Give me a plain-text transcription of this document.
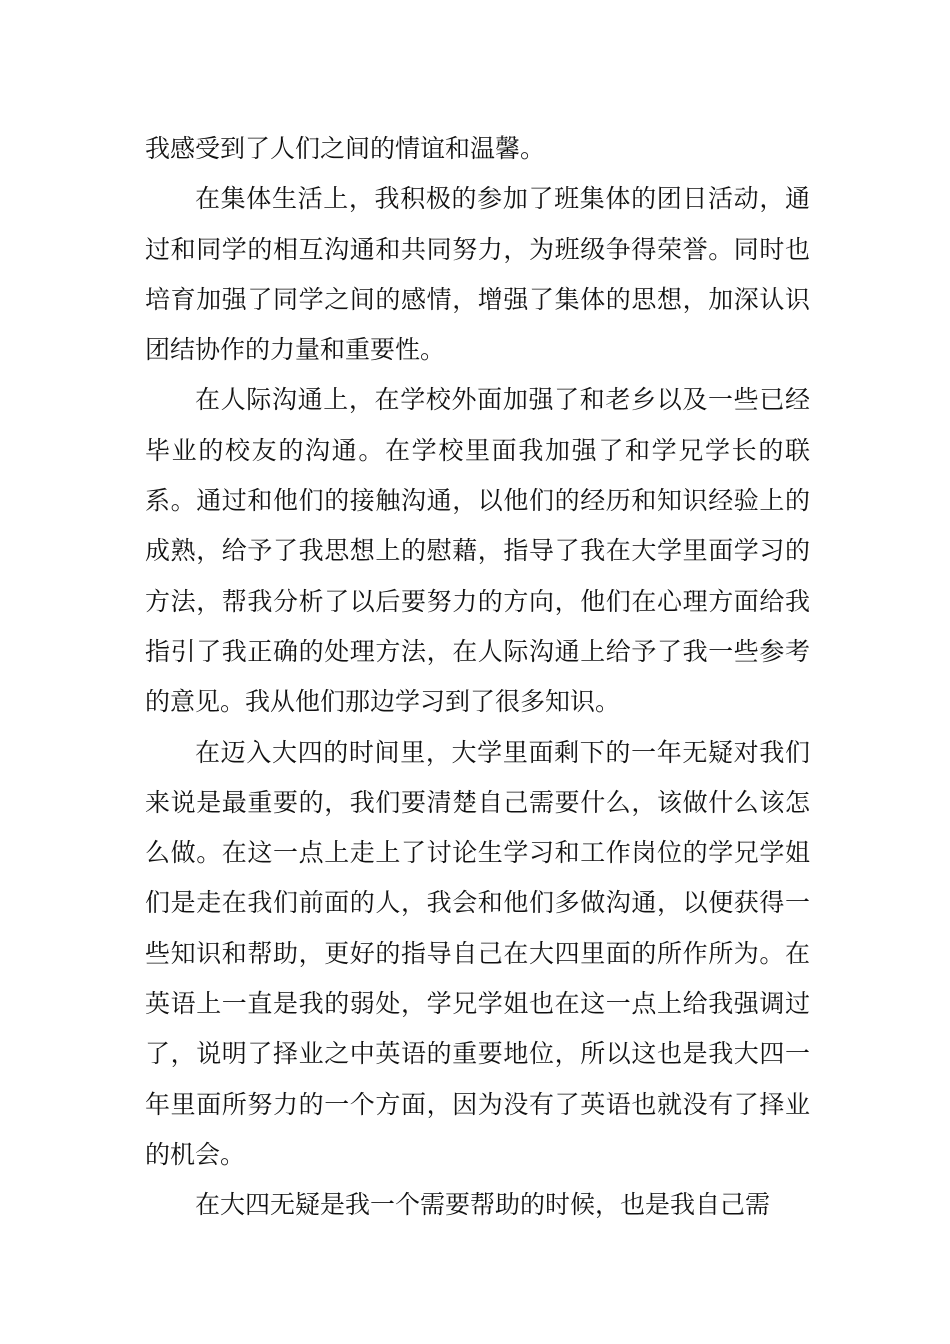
我感受到了人们之间的情谊和温馨。

在集体生活上，我积极的参加了班集体的团日活动，通过和同学的相互沟通和共同努力，为班级争得荣誉。同时也培育加强了同学之间的感情，增强了集体的思想，加深认识团结协作的力量和重要性。

在人际沟通上，在学校外面加强了和老乡以及一些已经毕业的校友的沟通。在学校里面我加强了和学兄学长的联系。通过和他们的接触沟通，以他们的经历和知识经验上的成熟，给予了我思想上的慰藉，指导了我在大学里面学习的方法，帮我分析了以后要努力的方向，他们在心理方面给我指引了我正确的处理方法，在人际沟通上给予了我一些参考的意见。我从他们那边学习到了很多知识。

在迈入大四的时间里，大学里面剩下的一年无疑对我们来说是最重要的，我们要清楚自己需要什么，该做什么该怎么做。在这一点上走上了讨论生学习和工作岗位的学兄学姐们是走在我们前面的人，我会和他们多做沟通，以便获得一些知识和帮助，更好的指导自己在大四里面的所作所为。在英语上一直是我的弱处，学兄学姐也在这一点上给我强调过了，说明了择业之中英语的重要地位，所以这也是我大四一年里面所努力的一个方面，因为没有了英语也就没有了择业的机会。

在大四无疑是我一个需要帮助的时候，也是我自己需
